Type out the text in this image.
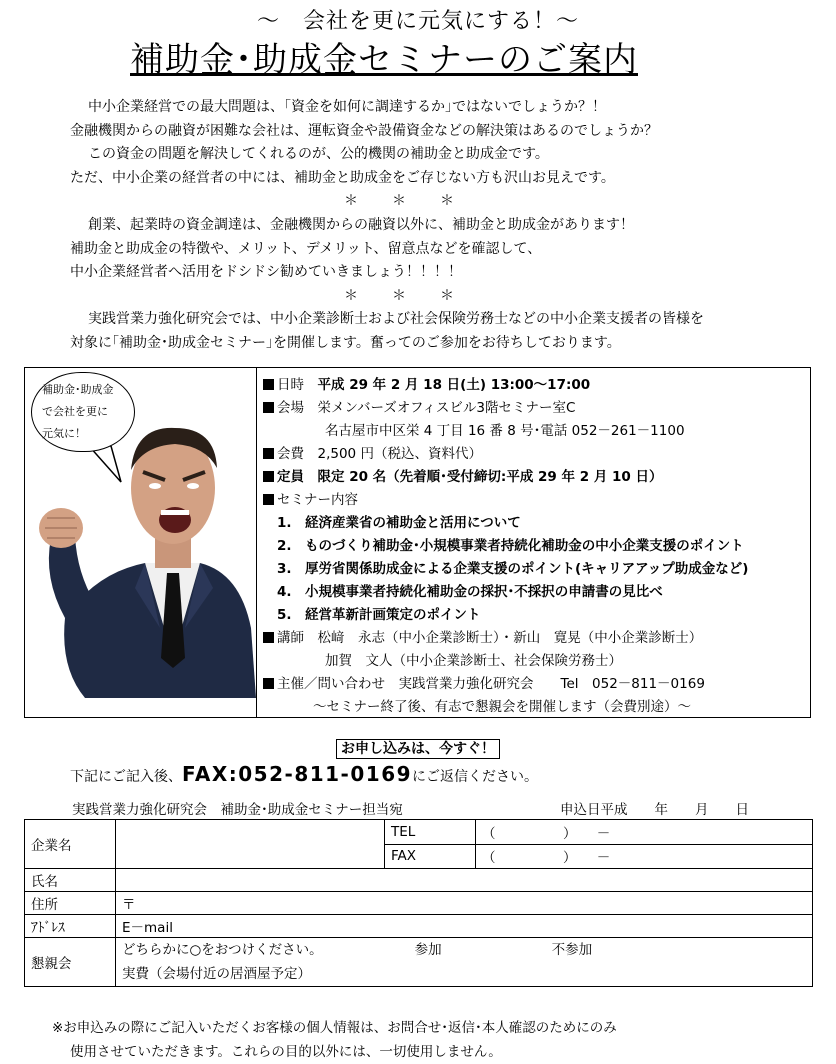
～　会社を更に元気にする！～
補助金･助成金セミナーのご案内

中小企業経営での最大問題は、｢資金を如何に調達するか｣ではないでしょうか？！

金融機関からの融資が困難な会社は、運転資金や設備資金などの解決策はあるのでしょうか？

この資金の問題を解決してくれるのが、公的機関の補助金と助成金です。

ただ、中小企業の経営者の中には、補助金と助成金をご存じない方も沢山お見えです。

＊ ＊ ＊

創業、起業時の資金調達は、金融機関からの融資以外に、補助金と助成金があります！

補助金と助成金の特徴や、メリット、デメリット、留意点などを確認して、

中小企業経営者へ活用をドシドシ勧めていきましょう！！！！

＊ ＊ ＊

実践営業力強化研究会では、中小企業診断士および社会保険労務士などの中小企業支援者の皆様を

対象に｢補助金･助成金セミナー｣を開催します。奮ってのご参加をお待ちしております。

補助金･助成金
で会社を更に
元気に！
日時　 平成 29 年 2 月 18 日(土) 13:00～17:00
会場　 栄メンバーズオフィスビル3階セミナー室C
名古屋市中区栄 4 丁目 16 番 8 号･電話 052－261－1100
会費　 2,500 円（税込、資料代）
定員　 限定 20 名（先着順･受付締切:平成 29 年 2 月 10 日）
セミナー内容
1. 経済産業省の補助金と活用について
2. ものづくり補助金･小規模事業者持続化補助金の中小企業支援のポイント
3. 厚労省関係助成金による企業支援のポイント(キャリアアップ助成金など)
4. 小規模事業者持続化補助金の採択･不採択の申請書の見比べ
5. 経営革新計画策定のポイント
講師　 松﨑　永志（中小企業診断士）・新山　寛晃（中小企業診断士）
加賀　文人（中小企業診断士、社会保険労務士）
主催／問い合わせ　 実践営業力強化研究会　　 Tel　 052－811－0169
～セミナー終了後、有志で懇親会を開催します（会費別途）～
お申し込みは、今すぐ！
下記にご記入後、FAX:052-811-0169にご返信ください。
実践営業力強化研究会　補助金･助成金セミナー担当宛	申込日平成　　年　　月　　日
企業名		TEL	（　　　　　）　　－
		FAX	（　　　　　）　　－
氏名			
住所	〒		
ｱﾄﾞﾚｽ	E－mail		
懇親会	どちらかに○をおつけください。 参加 不参加
実費（会場付近の居酒屋予定）		
※お申込みの際にご記入いただくお客様の個人情報は、お問合せ･返信･本人確認のためにのみ
使用させていただきます。これらの目的以外には、一切使用しません。
